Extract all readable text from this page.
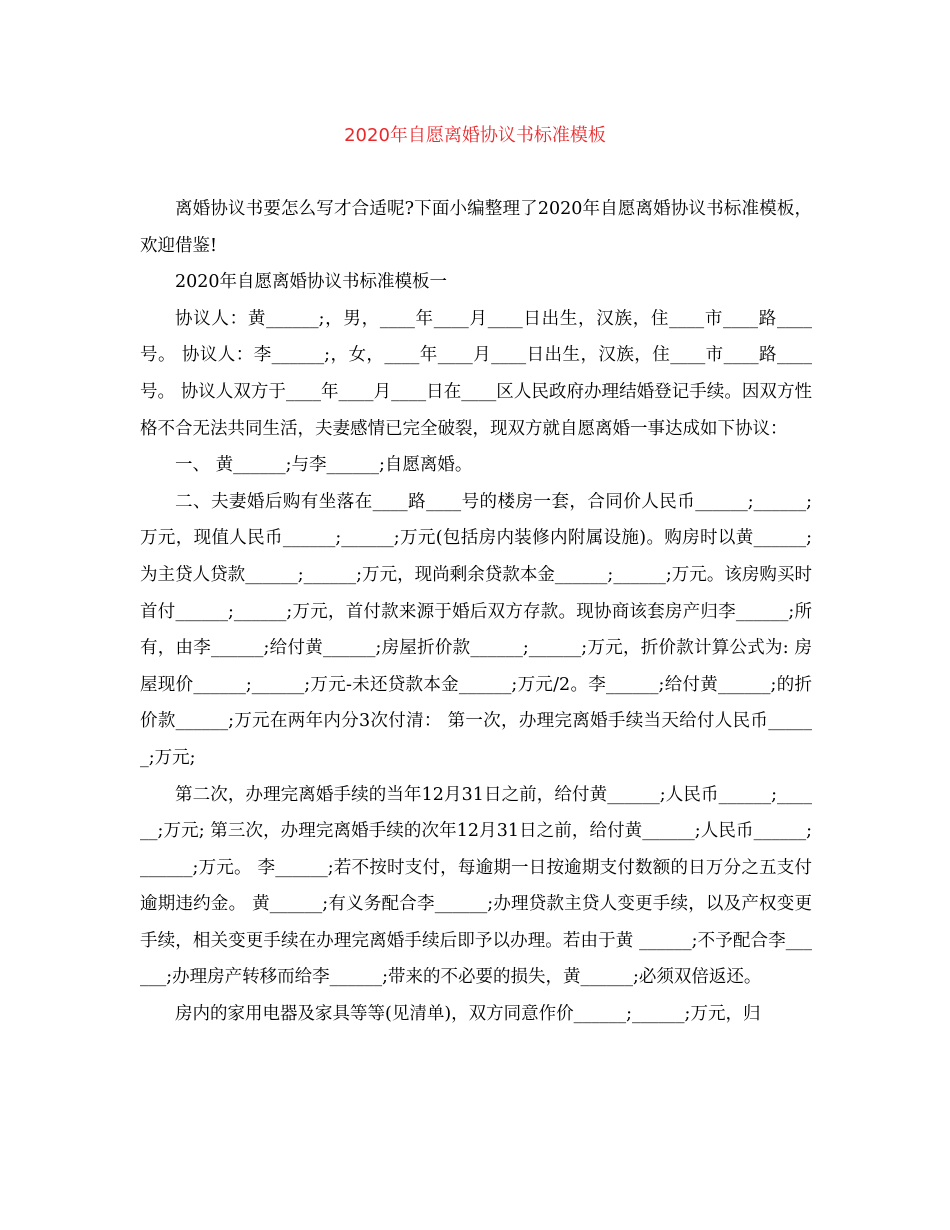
2020年自愿离婚协议书标准模板

离婚协议书要怎么写才合适呢?下面小编整理了2020年自愿离婚协议书标准模板，欢迎借鉴!

2020年自愿离婚协议书标准模板一

协议人：黄______;，男，____年____月____日出生，汉族，住____市____路____号。 协议人：李______;，女，____年____月____日出生，汉族，住____市____路____号。 协议人双方于____年____月____日在____区人民政府办理结婚登记手续。因双方性格不合无法共同生活，夫妻感情已完全破裂，现双方就自愿离婚一事达成如下协议：

一、 黄______;与李______;自愿离婚。

二、夫妻婚后购有坐落在____路____号的楼房一套，合同价人民币______;______;万元，现值人民币______;______;万元(包括房内装修内附属设施)。购房时以黄______;为主贷人贷款______;______;万元，现尚剩余贷款本金______;______;万元。该房购买时首付______;______;万元，首付款来源于婚后双方存款。现协商该套房产归李______;所有，由李______;给付黄______;房屋折价款______;______;万元，折价款计算公式为: 房屋现价______;______;万元-未还贷款本金______;万元/2。李______;给付黄______;的折价款______;万元在两年内分3次付清： 第一次，办理完离婚手续当天给付人民币______;万元;

第二次，办理完离婚手续的当年12月31日之前，给付黄______;人民币______;______;万元; 第三次，办理完离婚手续的次年12月31日之前，给付黄______;人民币______;______;万元。 李______;若不按时支付，每逾期一日按逾期支付数额的日万分之五支付逾期违约金。 黄______;有义务配合李______;办理贷款主贷人变更手续，以及产权变更手续，相关变更手续在办理完离婚手续后即予以办理。若由于黄 ______;不予配合李______;办理房产转移而给李______;带来的不必要的损失，黄______;必须双倍返还。

房内的家用电器及家具等等(见清单)，双方同意作价______;______;万元，归
